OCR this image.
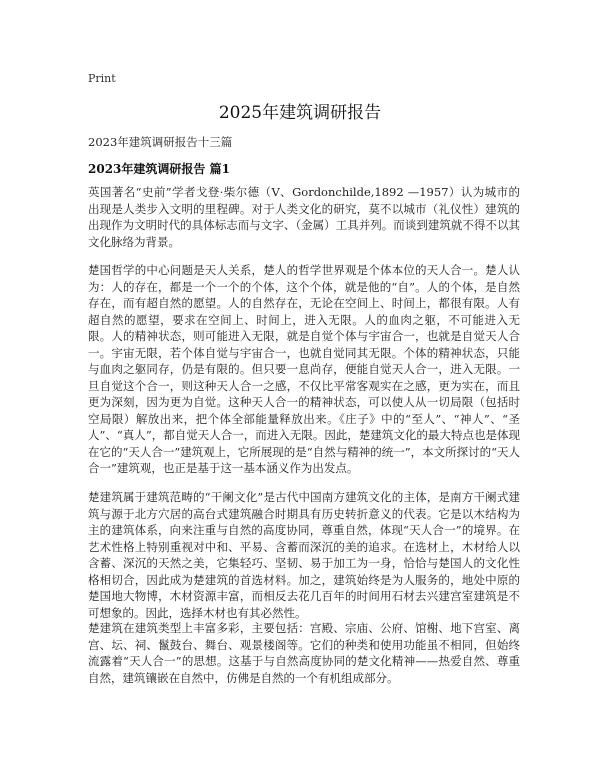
Print
2025年建筑调研报告
2023年建筑调研报告十三篇
2023年建筑调研报告 篇1

英国著名“史前”学者戈登·柴尔德（V、Gordonchilde,1892 —1957）认为城市的出现是人类步入文明的里程碑。对于人类文化的研究，莫不以城市（礼仪性）建筑的出现作为文明时代的具体标志而与文字、（金属）工具并列。而谈到建筑就不得不以其文化脉络为背景。

楚国哲学的中心问题是天人关系，楚人的哲学世界观是个体本位的天人合一。楚人认为：人的存在，都是一个一个的个体，这个个体，就是他的“自”。人的个体，是自然存在，而有超自然的愿望。人的自然存在，无论在空间上、时间上，都很有限。人有超自然的愿望，要求在空间上、时间上，进入无限。人的血肉之躯，不可能进入无限。人的精神状态，则可能进入无限，就是自觉个体与宇宙合一，也就是自觉天人合一。宇宙无限，若个体自觉与宇宙合一，也就自觉同其无限。个体的精神状态，只能与血肉之躯同存，仍是有限的。但只要一息尚存，便能自觉天人合一，进入无限。一旦自觉这个合一，则这种天人合一之感，不仅比平常客观实在之感，更为实在，而且更为深刻，因为更为自觉。这种天人合一的精神状态，可以使人从一切局限（包括时空局限）解放出来，把个体全部能量释放出来。《庄子》中的“至人”、“神人”、“圣人”、“真人”，都自觉天人合一，而进入无限。因此，楚建筑文化的最大特点也是体现在它的“天人合一”建筑观上，它所展现的是“自然与精神的统一”，本文所探讨的“天人合一”建筑观，也正是基于这一基本涵义作为出发点。

楚建筑属于建筑范畴的“干阑文化”是古代中国南方建筑文化的主体，是南方干阑式建筑与源于北方穴居的高台式建筑融合时期具有历史转折意义的代表。它是以木结构为主的建筑体系，向来注重与自然的高度协同，尊重自然，体现“天人合一”的境界。在艺术性格上特别重视对中和、平易、含蓄而深沉的美的追求。在选材上，木材给人以含蓄、深沉的天然之美，它集轻巧、坚韧、易于加工为一身，恰恰与楚国人的文化性格相切合，因此成为楚建筑的首选材料。加之，建筑始终是为人服务的，地处中原的楚国地大物博，木材资源丰富，而相反去花几百年的时间用石材去兴建宫室建筑是不可想象的。因此，选择木材也有其必然性。

楚建筑在建筑类型上丰富多彩，主要包括：宫殿、宗庙、公府、馆榭、地下宫室、离宫、坛、祠、鬣鼓台、舞台、观景楼阁等。它们的种类和使用功能虽不相同，但始终流露着“天人合一”的思想。这基于与自然高度协同的楚文化精神——热爱自然、尊重自然，建筑镶嵌在自然中，仿佛是自然的一个有机组成部分。
